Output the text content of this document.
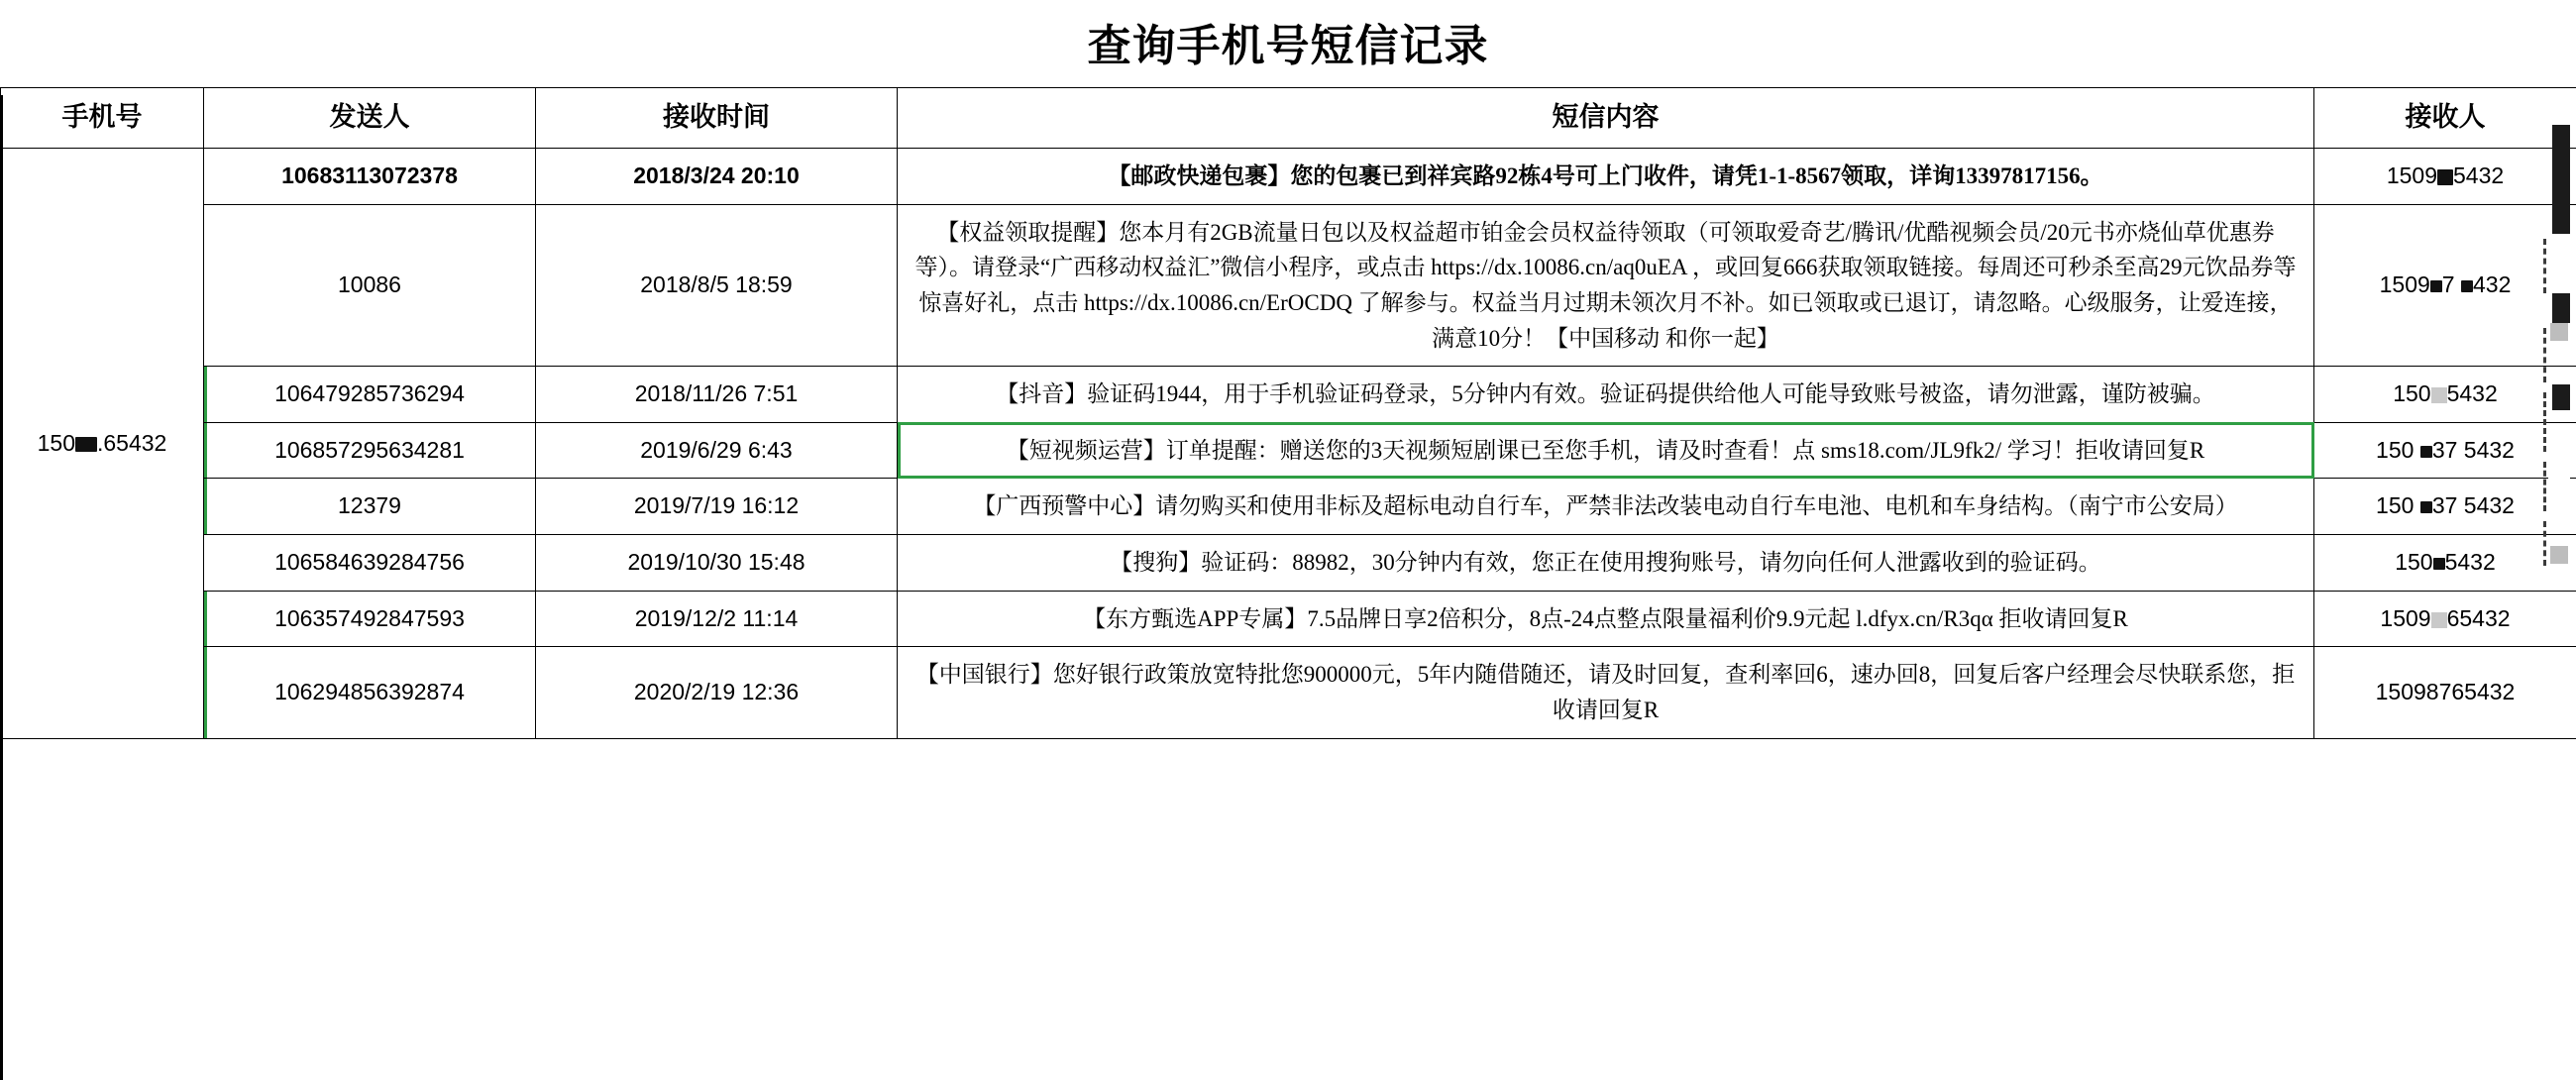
查询手机号短信记录
手机号	发送人	接收时间	短信内容	接收人
150 .65432	10683113072378	2018/3/24 20:10	【邮政快递包裹】您的包裹已到祥宾路92栋4号可上门收件，请凭1-1-8567领取，详询13397817156。	1509 5432
	10086	2018/8/5 18:59	【权益领取提醒】您本月有2GB流量日包以及权益超市铂金会员权益待领取（可领取爱奇艺/腾讯/优酷视频会员/20元书亦烧仙草优惠券等）。请登录“广西移动权益汇”微信小程序，或点击 https://dx.10086.cn/aq0uEA ，或回复666获取领取链接。每周还可秒杀至高29元饮品券等惊喜好礼，点击 https://dx.10086.cn/ErOCDQ 了解参与。权益当月过期未领次月不补。如已领取或已退订，请忽略。心级服务，让爱连接，满意10分！【中国移动 和你一起】	1509 7 432
	106479285736294	2018/11/26 7:51	【抖音】验证码1944，用于手机验证码登录，5分钟内有效。验证码提供给他人可能导致账号被盗，请勿泄露，谨防被骗。	150 5432
	106857295634281	2019/6/29 6:43	【短视频运营】订单提醒：赠送您的3天视频短剧课已至您手机，请及时查看！点 sms18.com/JL9fk2/ 学习！拒收请回复R	150 37 5432
	12379	2019/7/19 16:12	【广西预警中心】请勿购买和使用非标及超标电动自行车，严禁非法改装电动自行车电池、电机和车身结构。（南宁市公安局）	150 37 5432
	106584639284756	2019/10/30 15:48	【搜狗】验证码：88982，30分钟内有效，您正在使用搜狗账号，请勿向任何人泄露收到的验证码。	150 5432
	106357492847593	2019/12/2 11:14	【东方甄选APP专属】7.5品牌日享2倍积分，8点-24点整点限量福利价9.9元起 l.dfyx.cn/R3qα 拒收请回复R	1509 65432
	106294856392874	2020/2/19 12:36	【中国银行】您好银行政策放宽特批您900000元，5年内随借随还，请及时回复，查利率回6，速办回8，回复后客户经理会尽快联系您，拒收请回复R	15098765432
